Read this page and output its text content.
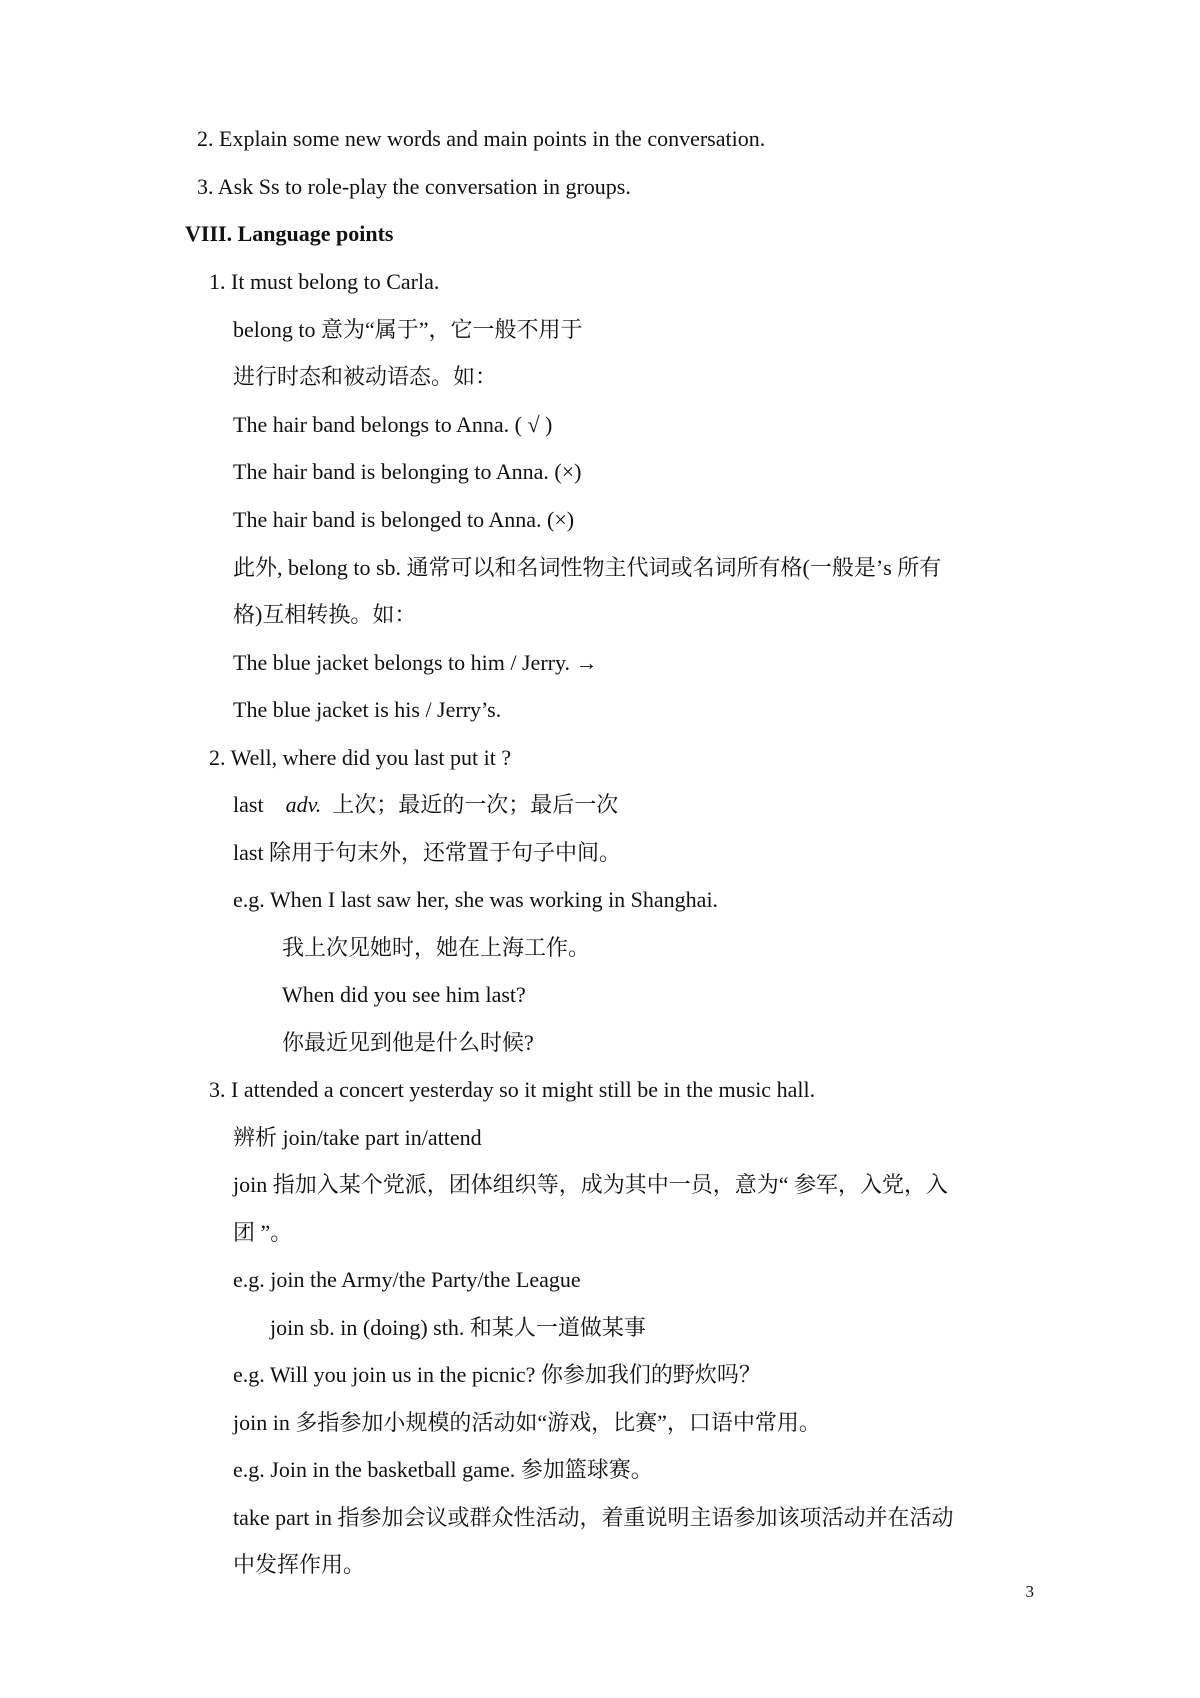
2. Explain some new words and main points in the conversation.
3. Ask Ss to role-play the conversation in groups.
VIII. Language points
1. It must belong to Carla.
belong to 意为“属于”，它一般不用于
进行时态和被动语态。如：
The hair band belongs to Anna. ( √ )
The hair band is belonging to Anna. (×)
The hair band is belonged to Anna. (×)
此外, belong to sb. 通常可以和名词性物主代词或名词所有格(一般是’s 所有
格)互相转换。如：
The blue jacket belongs to him / Jerry. →
The blue jacket is his / Jerry’s.
2. Well, where did you last put it ?
last adv. 上次；最近的一次；最后一次
last 除用于句末外，还常置于句子中间。
e.g. When I last saw her, she was working in Shanghai.
我上次见她时，她在上海工作。
When did you see him last?
你最近见到他是什么时候?
3. I attended a concert yesterday so it might still be in the music hall.
辨析 join/take part in/attend
join 指加入某个党派，团体组织等，成为其中一员，意为“ 参军，入党，入
团 ”。
e.g. join the Army/the Party/the League
join sb. in (doing) sth. 和某人一道做某事
e.g. Will you join us in the picnic? 你参加我们的野炊吗？
join in 多指参加小规模的活动如“游戏，比赛”，口语中常用。
e.g. Join in the basketball game. 参加篮球赛。
take part in 指参加会议或群众性活动，着重说明主语参加该项活动并在活动
中发挥作用。
3
